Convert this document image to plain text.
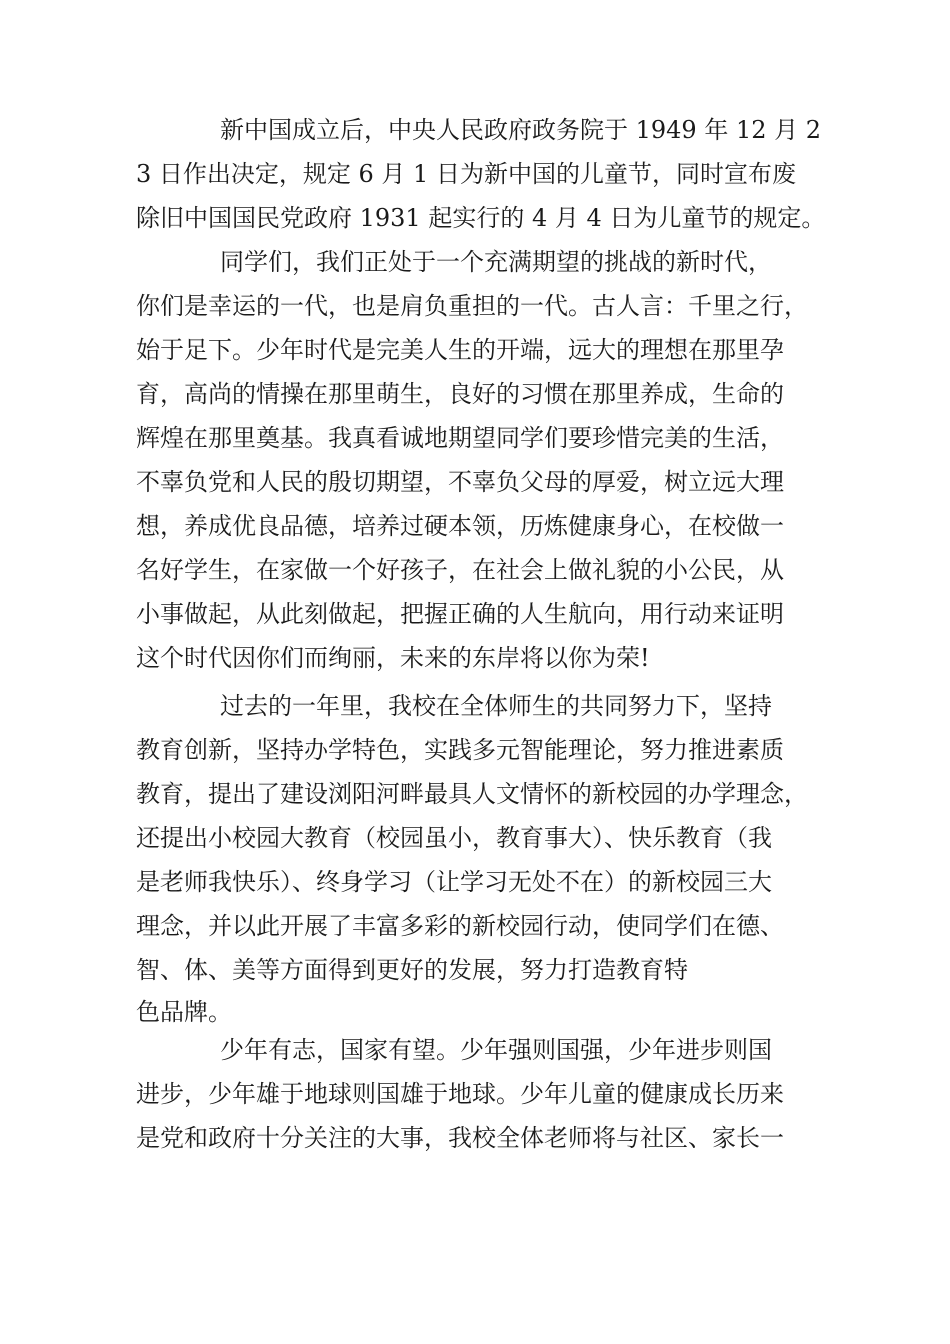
新中国成立后，中央人民政府政务院于 1949 年 12 月 2

3 日作出决定，规定 6 月 1 日为新中国的儿童节，同时宣布废

除旧中国国民党政府 1931 起实行的 4 月 4 日为儿童节的规定。

同学们，我们正处于一个充满期望的挑战的新时代，

你们是幸运的一代，也是肩负重担的一代。古人言：千里之行，

始于足下。少年时代是完美人生的开端，远大的理想在那里孕

育，高尚的情操在那里萌生，良好的习惯在那里养成，生命的

辉煌在那里奠基。我真看诚地期望同学们要珍惜完美的生活，

不辜负党和人民的殷切期望，不辜负父母的厚爱，树立远大理

想，养成优良品德，培养过硬本领，历炼健康身心，在校做一

名好学生，在家做一个好孩子，在社会上做礼貌的小公民，从

小事做起，从此刻做起，把握正确的人生航向，用行动来证明

这个时代因你们而绚丽，未来的东岸将以你为荣!

过去的一年里，我校在全体师生的共同努力下，坚持

教育创新，坚持办学特色，实践多元智能理论，努力推进素质

教育，提出了建设浏阳河畔最具人文情怀的新校园的办学理念，

还提出小校园大教育（校园虽小，教育事大）、快乐教育（我

是老师我快乐）、终身学习（让学习无处不在）的新校园三大

理念，并以此开展了丰富多彩的新校园行动，使同学们在德、

智、体、美等方面得到更好的发展，努力打造教育特

色品牌。

少年有志，国家有望。少年强则国强，少年进步则国

进步，少年雄于地球则国雄于地球。少年儿童的健康成长历来

是党和政府十分关注的大事，我校全体老师将与社区、家长一
